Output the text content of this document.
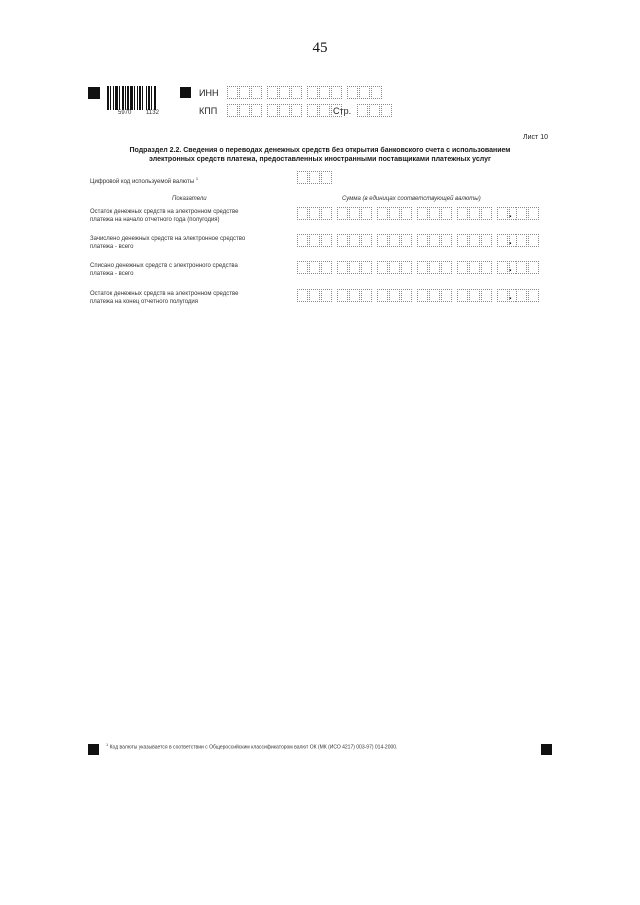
45
5970 1132
ИНН
КПП	Стр.
Лист 10
Подраздел 2.2. Сведения о переводах денежных средств без открытия банковского счета с использованием
электронных средств платежа, предоставленных иностранными поставщиками платежных услуг
Цифровой код используемой валюты $^1$
Показатели	Сумма (в единицах соответствующей валюты)
Остаток денежных средств на электронном средстве
платежа на начало отчетного года (полугодия)	.
Зачислено денежных средств на электронное средство
платежа - всего	.
Списано денежных средств с электронного средства
платежа - всего	.
Остаток денежных средств на электронном средстве
платежа на конец отчетного полугодия	.
$^1$ Код валюты указывается в соответствии с Общероссийским классификатором валют ОК (МК (ИСО 4217) 003-97) 014-2000.
